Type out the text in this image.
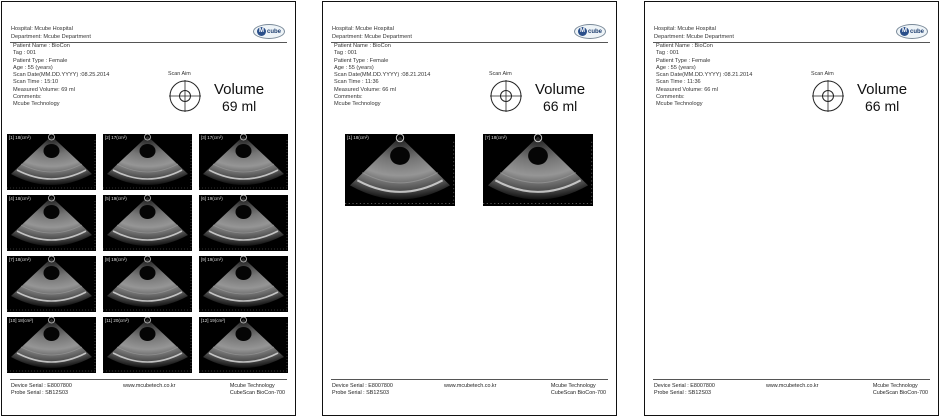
Hospital: Mcube Hospital
Department: Mcube Department
M cube
Patient Name : BioCon
Tag : 001
Patient Type : Female
Age : 55 (years)
Scan Date(MM.DD.YYYY) :08.25.2014
Scan Time : 15:10
Measured Volume: 69 ml
Comments:
Mcube Technology
Scan Aim
Volume
69 ml
[1] 18(cm²)	[2] 17(cm²)	[3] 17(cm²)
[4] 18(cm²)	[5] 19(cm²)	[6] 19(cm²)
[7] 18(cm²)	[8] 19(cm²)	[9] 19(cm²)
[10] 18(cm²)	[11] 20(cm²)	[12] 19(cm²)
Device Serial : E8007800
Probe Serial : SB12S03
www.mcubetech.co.kr	Mcube Technology
CubeScan BioCon-700
Hospital: Mcube Hospital
Department: Mcube Department
M cube
Patient Name : BioCon
Tag : 001
Patient Type : Female
Age : 55 (years)
Scan Date(MM.DD.YYYY) :08.21.2014
Scan Time : 11:36
Measured Volume: 66 ml
Comments:
Mcube Technology
Scan Aim
Volume
66 ml
[1] 18(cm²)	[7] 18(cm²)
Device Serial : E8007800
Probe Serial : SB12S03
www.mcubetech.co.kr	Mcube Technology
CubeScan BioCon-700
Hospital: Mcube Hospital
Department: Mcube Department
M cube
Patient Name : BioCon
Tag : 001
Patient Type : Female
Age : 55 (years)
Scan Date(MM.DD.YYYY) :08.21.2014
Scan Time : 11:36
Measured Volume: 66 ml
Comments:
Mcube Technology
Scan Aim
Volume
66 ml
Device Serial : E8007800
Probe Serial : SB12S03
www.mcubetech.co.kr	Mcube Technology
CubeScan BioCon-700
